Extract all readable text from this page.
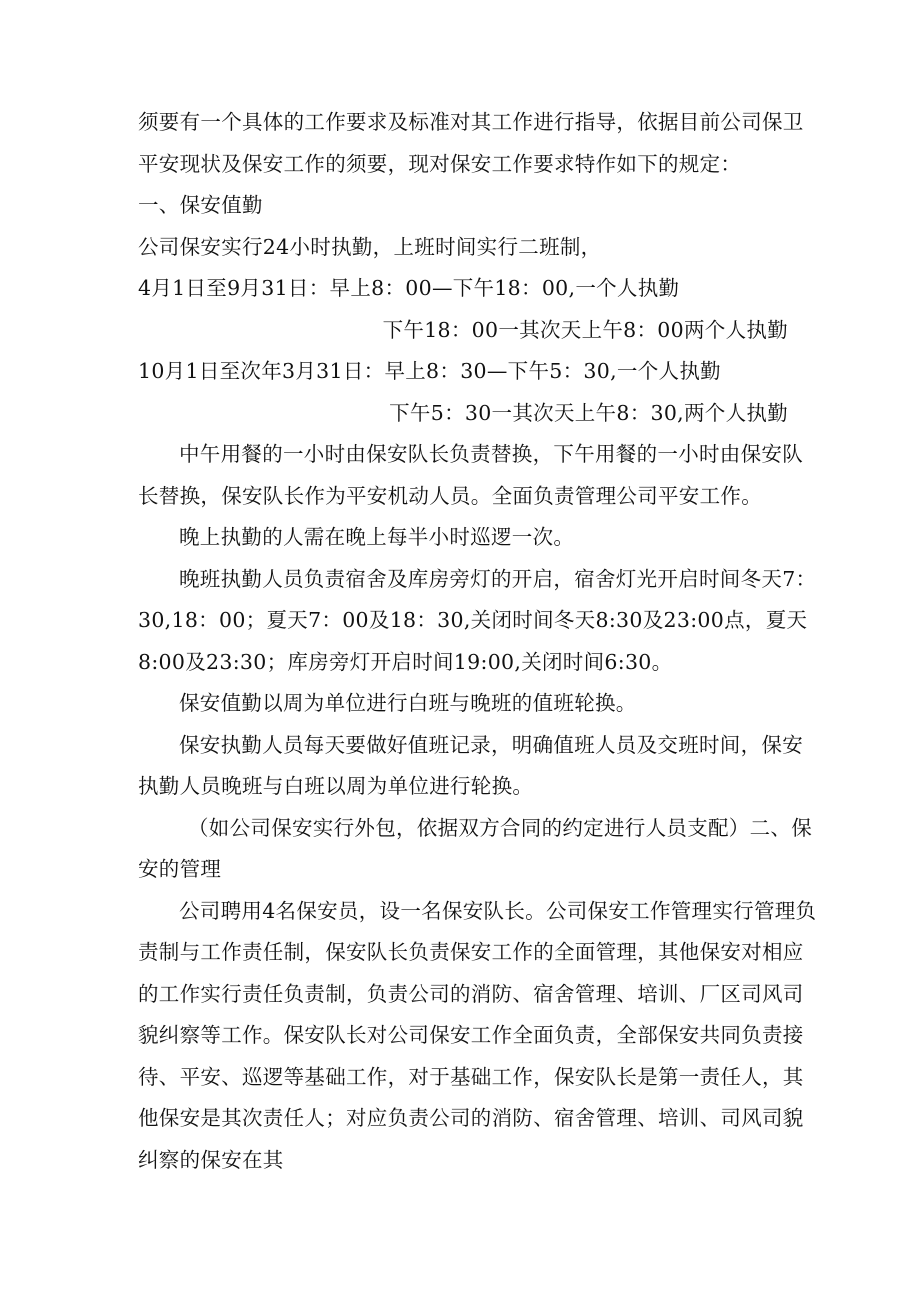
须要有一个具体的工作要求及标准对其工作进行指导，依据目前公司保卫平安现状及保安工作的须要，现对保安工作要求特作如下的规定：

一、保安值勤

公司保安实行24小时执勤，上班时间实行二班制，

4月1日至9月31日：早上8：00—下午18：00,一个人执勤

下午18：00一其次天上午8：00两个人执勤

10月1日至次年3月31日：早上8：30—下午5：30,一个人执勤

下午5：30一其次天上午8：30,两个人执勤

中午用餐的一小时由保安队长负责替换，下午用餐的一小时由保安队长替换，保安队长作为平安机动人员。全面负责管理公司平安工作。

晚上执勤的人需在晚上每半小时巡逻一次。

晚班执勤人员负责宿舍及库房旁灯的开启，宿舍灯光开启时间冬天7：30,18：00；夏天7：00及18：30,关闭时间冬天8:30及23:00点，夏天8:00及23:30；库房旁灯开启时间19:00,关闭时间6:30。

保安值勤以周为单位进行白班与晚班的值班轮换。

保安执勤人员每天要做好值班记录，明确值班人员及交班时间，保安执勤人员晚班与白班以周为单位进行轮换。

（如公司保安实行外包，依据双方合同的约定进行人员支配）二、保安的管理

公司聘用4名保安员，设一名保安队长。公司保安工作管理实行管理负责制与工作责任制，保安队长负责保安工作的全面管理，其他保安对相应的工作实行责任负责制，负责公司的消防、宿舍管理、培训、厂区司风司貌纠察等工作。保安队长对公司保安工作全面负责，全部保安共同负责接待、平安、巡逻等基础工作，对于基础工作，保安队长是第一责任人，其他保安是其次责任人；对应负责公司的消防、宿舍管理、培训、司风司貌纠察的保安在其
